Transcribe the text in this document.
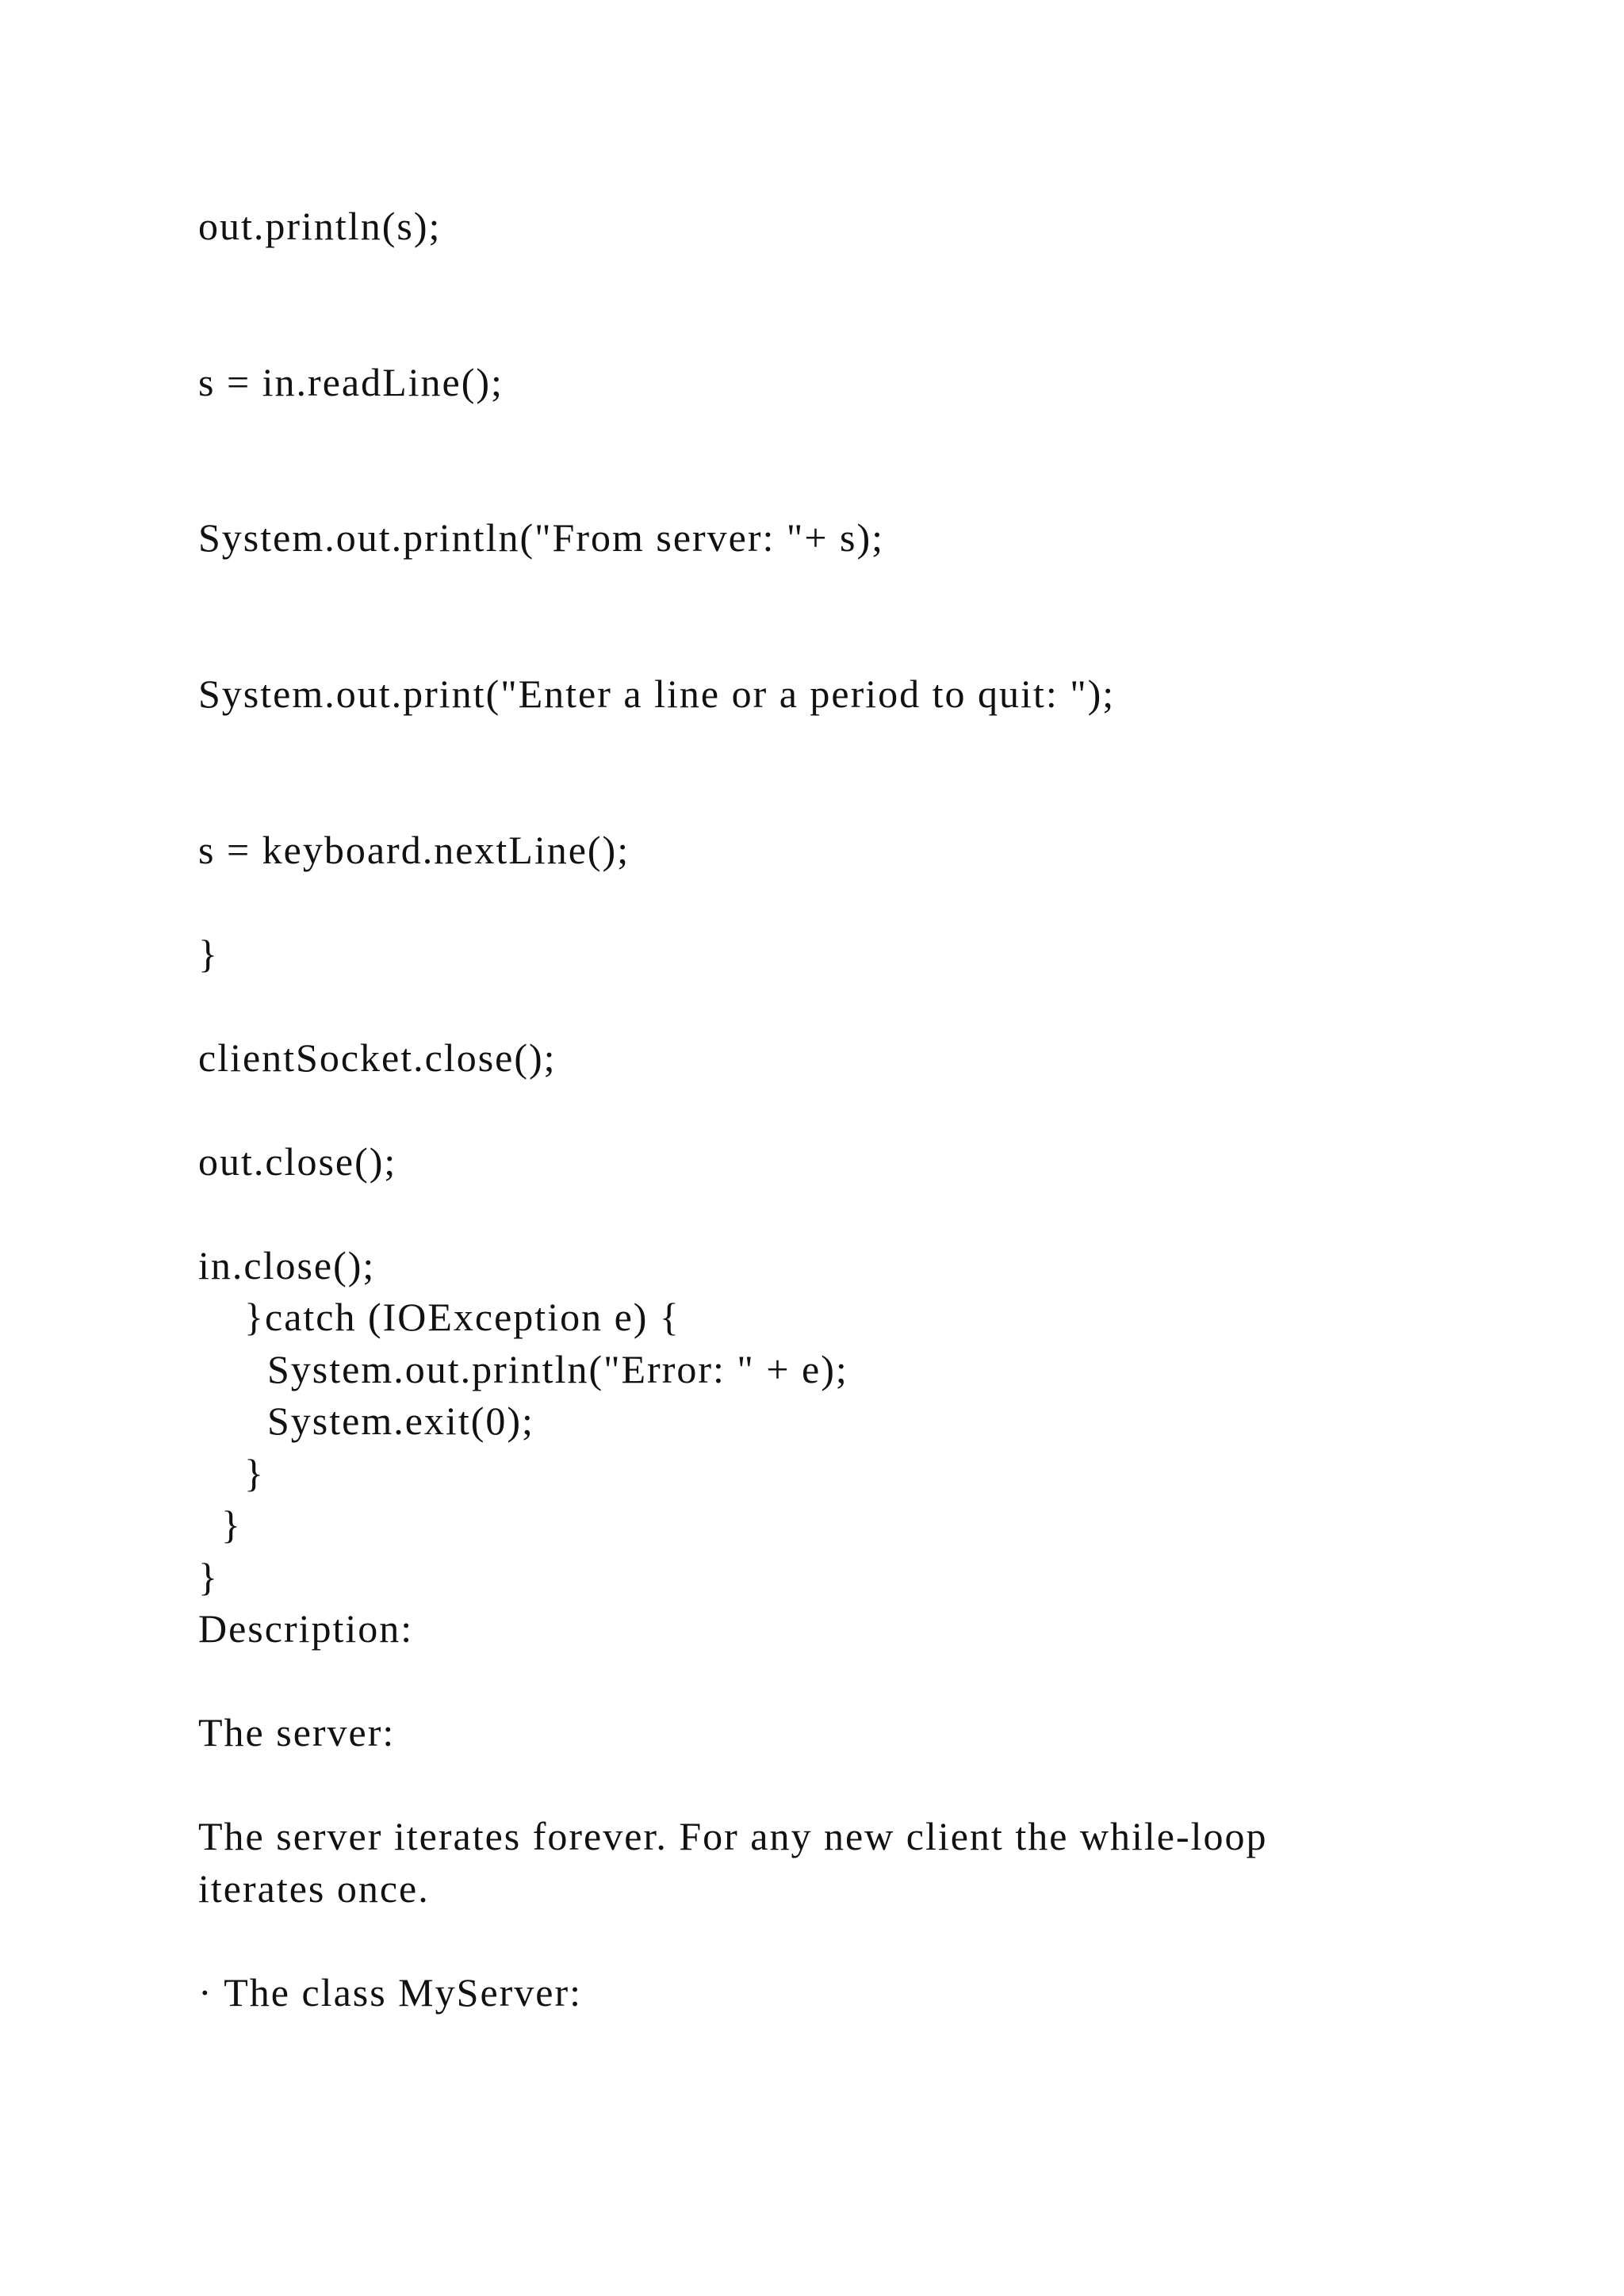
out.println(s);

s = in.readLine();

System.out.println("From server: "+ s);

System.out.print("Enter a line or a period to quit: ");

s = keyboard.nextLine();

}

clientSocket.close();

out.close();

in.close();

}catch (IOException e) {

System.out.println("Error: " + e);

System.exit(0);

}

}

}

Description:

The server:

The server iterates forever. For any new client the while-loop

iterates once.

· The class MyServer:
